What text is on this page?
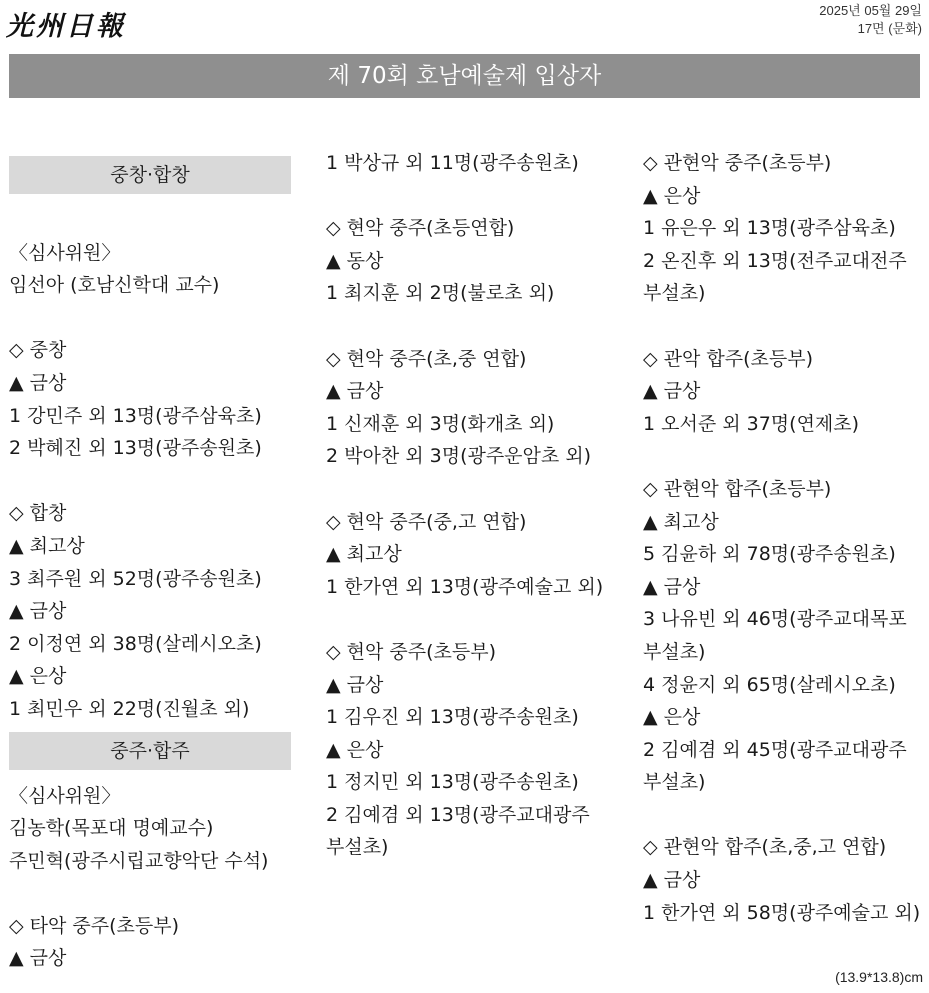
光州日報
2025년 05월 29일
17면 (문화)
제 70회 호남예술제 입상자
중창·합창
〈심사위원〉
임선아 (호남신학대 교수)
◇ 중창
▲ 금상
1 강민주 외 13명(광주삼육초)
2 박혜진 외 13명(광주송원초)
◇ 합창
▲ 최고상
3 최주원 외 52명(광주송원초)
▲ 금상
2 이정연 외 38명(살레시오초)
▲ 은상
1 최민우 외 22명(진월초 외)
중주·합주
〈심사위원〉
김농학(목포대 명예교수)
주민혁(광주시립교향악단 수석)
◇ 타악 중주(초등부)
▲ 금상
1 박상규 외 11명(광주송원초)
◇ 현악 중주(초등연합)
▲ 동상
1 최지훈 외 2명(불로초 외)
◇ 현악 중주(초,중 연합)
▲ 금상
1 신재훈 외 3명(화개초 외)
2 박아찬 외 3명(광주운암초 외)
◇ 현악 중주(중,고 연합)
▲ 최고상
1 한가연 외 13명(광주예술고 외)
◇ 현악 중주(초등부)
▲ 금상
1 김우진 외 13명(광주송원초)
▲ 은상
1 정지민 외 13명(광주송원초)
2 김예겸 외 13명(광주교대광주 부설초)
◇ 관현악 중주(초등부)
▲ 은상
1 유은우 외 13명(광주삼육초)
2 온진후 외 13명(전주교대전주 부설초)
◇ 관악 합주(초등부)
▲ 금상
1 오서준 외 37명(연제초)
◇ 관현악 합주(초등부)
▲ 최고상
5 김윤하 외 78명(광주송원초)
▲ 금상
3 나유빈 외 46명(광주교대목포 부설초)
4 정윤지 외 65명(살레시오초)
▲ 은상
2 김예겸 외 45명(광주교대광주 부설초)
◇ 관현악 합주(초,중,고 연합)
▲ 금상
1 한가연 외 58명(광주예술고 외)
(13.9*13.8)cm
